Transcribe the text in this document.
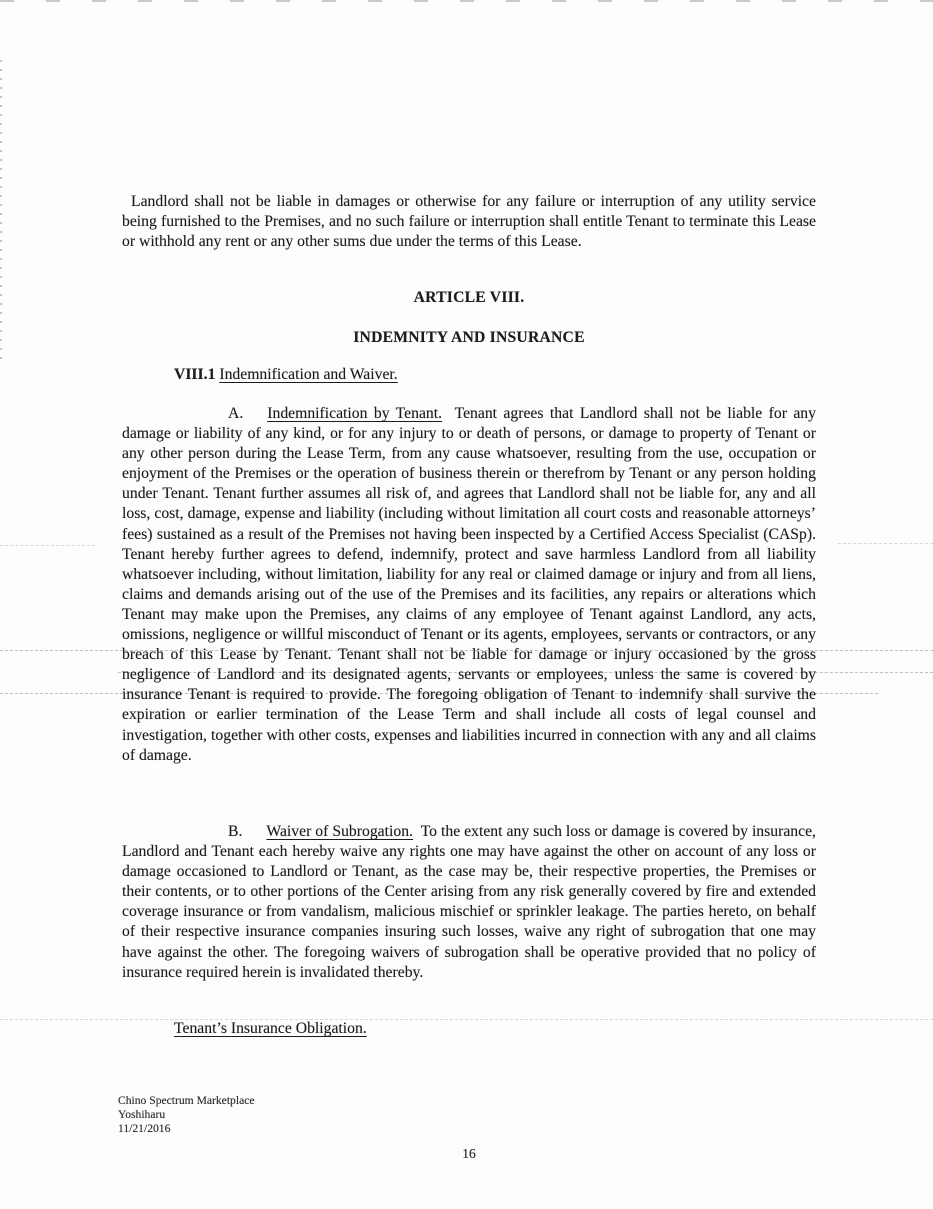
Landlord shall not be liable in damages or otherwise for any failure or interruption of any utility service being furnished to the Premises, and no such failure or interruption shall entitle Tenant to terminate this Lease or withhold any rent or any other sums due under the terms of this Lease.

ARTICLE VIII.
INDEMNITY AND INSURANCE
VIII.1 Indemnification and Waiver.

A. Indemnification by Tenant. Tenant agrees that Landlord shall not be liable for any damage or liability of any kind, or for any injury to or death of persons, or damage to property of Tenant or any other person during the Lease Term, from any cause whatsoever, resulting from the use, occupation or enjoyment of the Premises or the operation of business therein or therefrom by Tenant or any person holding under Tenant. Tenant further assumes all risk of, and agrees that Landlord shall not be liable for, any and all loss, cost, damage, expense and liability (including without limitation all court costs and reasonable attorneys’ fees) sustained as a result of the Premises not having been inspected by a Certified Access Specialist (CASp). Tenant hereby further agrees to defend, indemnify, protect and save harmless Landlord from all liability whatsoever including, without limitation, liability for any real or claimed damage or injury and from all liens, claims and demands arising out of the use of the Premises and its facilities, any repairs or alterations which Tenant may make upon the Premises, any claims of any employee of Tenant against Landlord, any acts, omissions, negligence or willful misconduct of Tenant or its agents, employees, servants or contractors, or any breach of this Lease by Tenant. Tenant shall not be liable for damage or injury occasioned by the gross negligence of Landlord and its designated agents, servants or employees, unless the same is covered by insurance Tenant is required to provide. The foregoing obligation of Tenant to indemnify shall survive the expiration or earlier termination of the Lease Term and shall include all costs of legal counsel and investigation, together with other costs, expenses and liabilities incurred in connection with any and all claims of damage.

B. Waiver of Subrogation. To the extent any such loss or damage is covered by insurance, Landlord and Tenant each hereby waive any rights one may have against the other on account of any loss or damage occasioned to Landlord or Tenant, as the case may be, their respective properties, the Premises or their contents, or to other portions of the Center arising from any risk generally covered by fire and extended coverage insurance or from vandalism, malicious mischief or sprinkler leakage. The parties hereto, on behalf of their respective insurance companies insuring such losses, waive any right of subrogation that one may have against the other. The foregoing waivers of subrogation shall be operative provided that no policy of insurance required herein is invalidated thereby.

Tenant’s Insurance Obligation.
Chino Spectrum Marketplace
Yoshiharu
11/21/2016
16
